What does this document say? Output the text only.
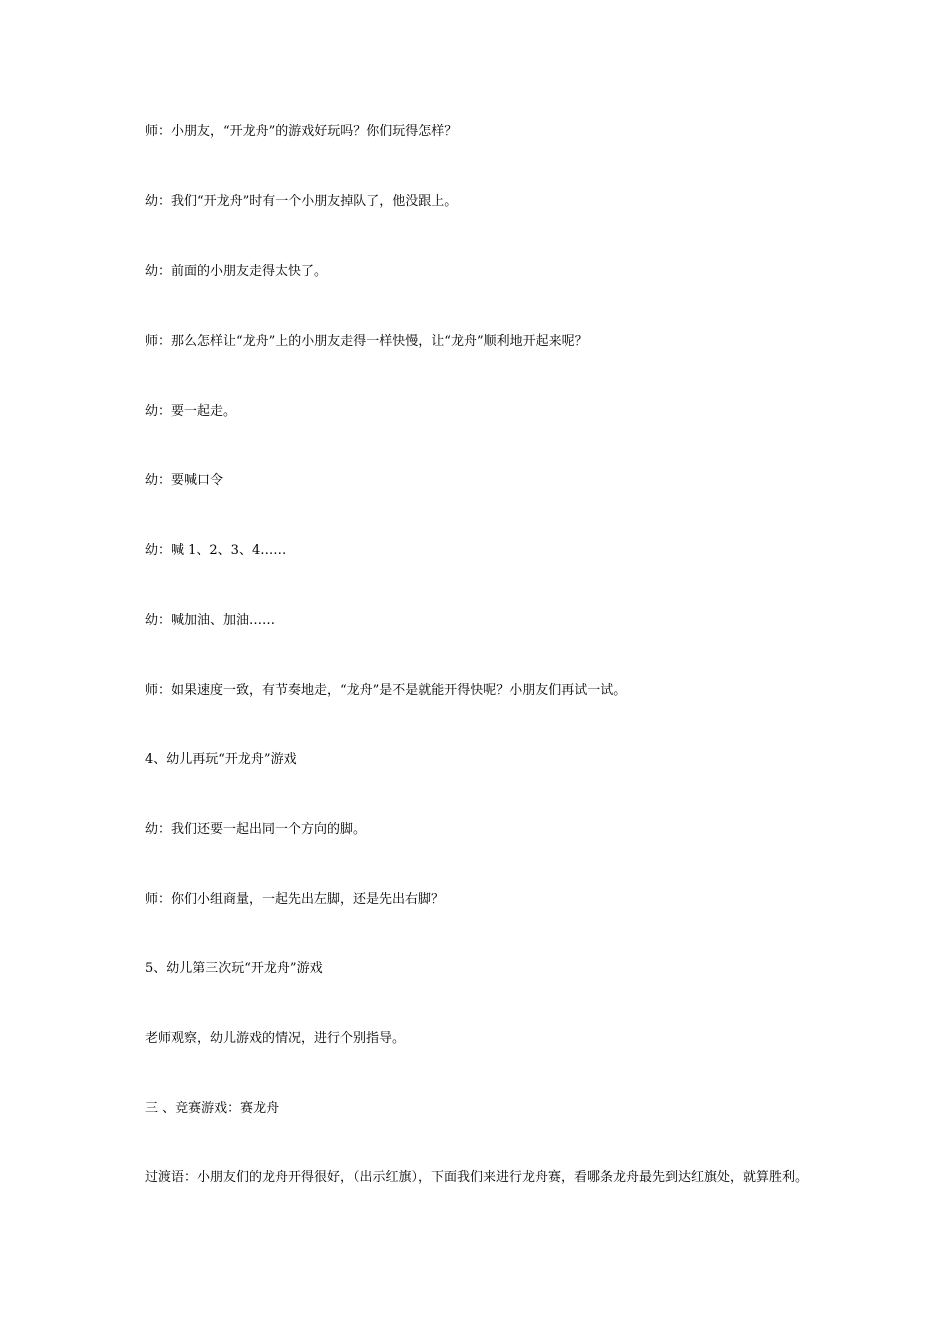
师：小朋友，“开龙舟”的游戏好玩吗？你们玩得怎样？

幼：我们“开龙舟”时有一个小朋友掉队了，他没跟上。

幼：前面的小朋友走得太快了。

师：那么怎样让“龙舟”上的小朋友走得一样快慢，让“龙舟”顺利地开起来呢？

幼：要一起走。

幼：要喊口令

幼：喊 1、2、3、4……

幼：喊加油、加油……

师：如果速度一致，有节奏地走，“龙舟”是不是就能开得快呢？小朋友们再试一试。

4、幼儿再玩“开龙舟”游戏

幼：我们还要一起出同一个方向的脚。

师：你们小组商量，一起先出左脚，还是先出右脚？

5、幼儿第三次玩“开龙舟”游戏

老师观察，幼儿游戏的情况，进行个别指导。

三 、竞赛游戏：赛龙舟

过渡语：小朋友们的龙舟开得很好，（出示红旗），下面我们来进行龙舟赛，看哪条龙舟最先到达红旗处，就算胜利。
